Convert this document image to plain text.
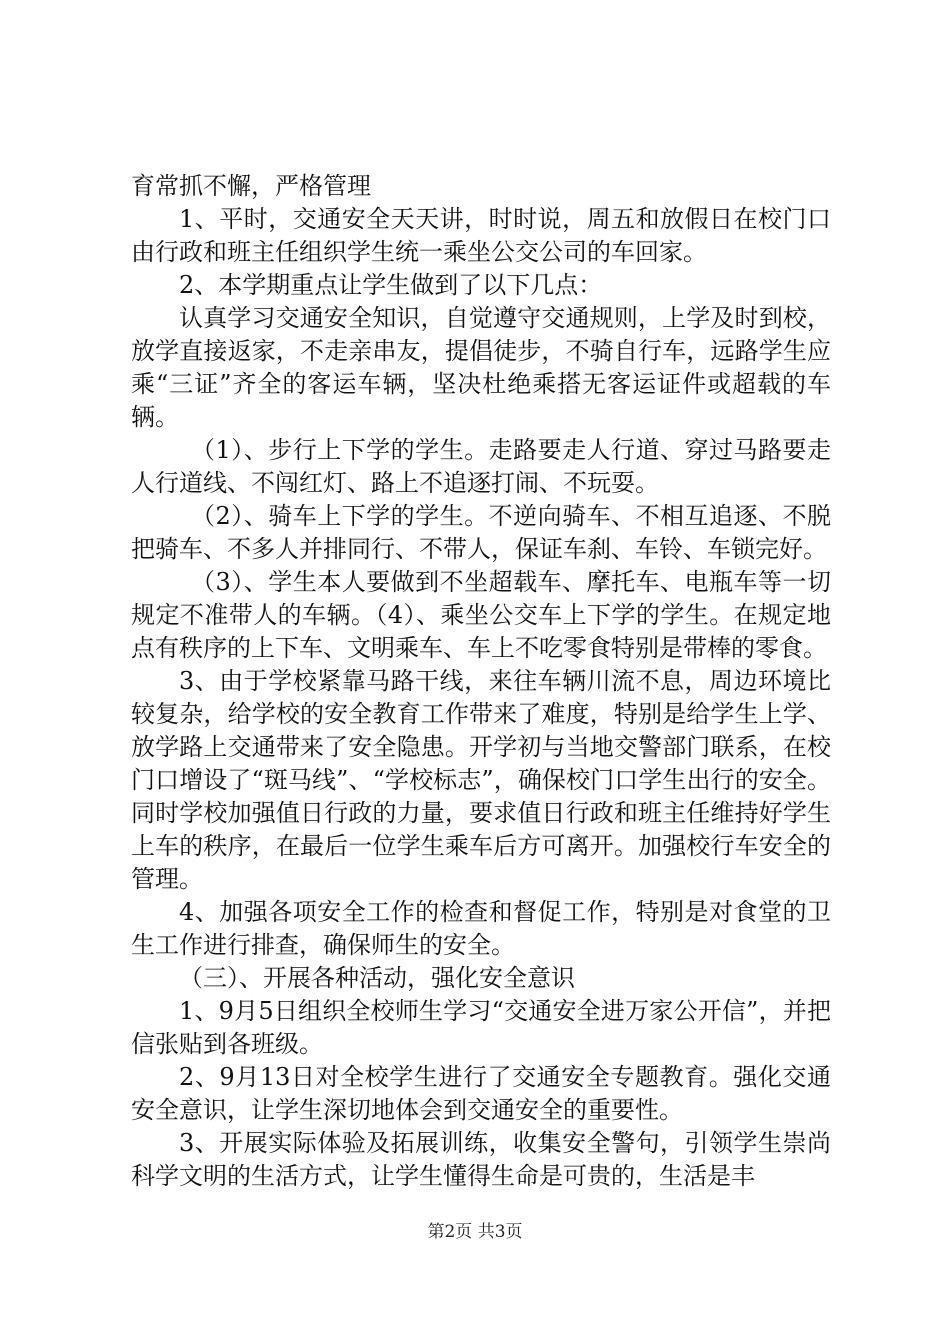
育常抓不懈，严格管理

1、平时，交通安全天天讲，时时说，周五和放假日在校门口由行政和班主任组织学生统一乘坐公交公司的车回家。

2、本学期重点让学生做到了以下几点：

认真学习交通安全知识，自觉遵守交通规则，上学及时到校，放学直接返家，不走亲串友，提倡徒步，不骑自行车，远路学生应乘“三证”齐全的客运车辆，坚决杜绝乘搭无客运证件或超载的车辆。

（1）、步行上下学的学生。走路要走人行道、穿过马路要走人行道线、不闯红灯、路上不追逐打闹、不玩耍。

（2）、骑车上下学的学生。不逆向骑车、不相互追逐、不脱把骑车、不多人并排同行、不带人，保证车刹、车铃、车锁完好。

（3）、学生本人要做到不坐超载车、摩托车、电瓶车等一切规定不准带人的车辆。（4）、乘坐公交车上下学的学生。在规定地点有秩序的上下车、文明乘车、车上不吃零食特别是带棒的零食。

3、由于学校紧靠马路干线，来往车辆川流不息，周边环境比较复杂，给学校的安全教育工作带来了难度，特别是给学生上学、放学路上交通带来了安全隐患。开学初与当地交警部门联系，在校门口增设了“斑马线”、“学校标志”，确保校门口学生出行的安全。同时学校加强值日行政的力量，要求值日行政和班主任维持好学生上车的秩序，在最后一位学生乘车后方可离开。加强校行车安全的管理。

4、加强各项安全工作的检查和督促工作，特别是对食堂的卫生工作进行排查，确保师生的安全。

（三）、开展各种活动，强化安全意识

1、9月5日组织全校师生学习“交通安全进万家公开信”，并把信张贴到各班级。

2、9月13日对全校学生进行了交通安全专题教育。强化交通安全意识，让学生深切地体会到交通安全的重要性。

3、开展实际体验及拓展训练，收集安全警句，引领学生崇尚科学文明的生活方式，让学生懂得生命是可贵的，生活是丰

第2页 共3页
